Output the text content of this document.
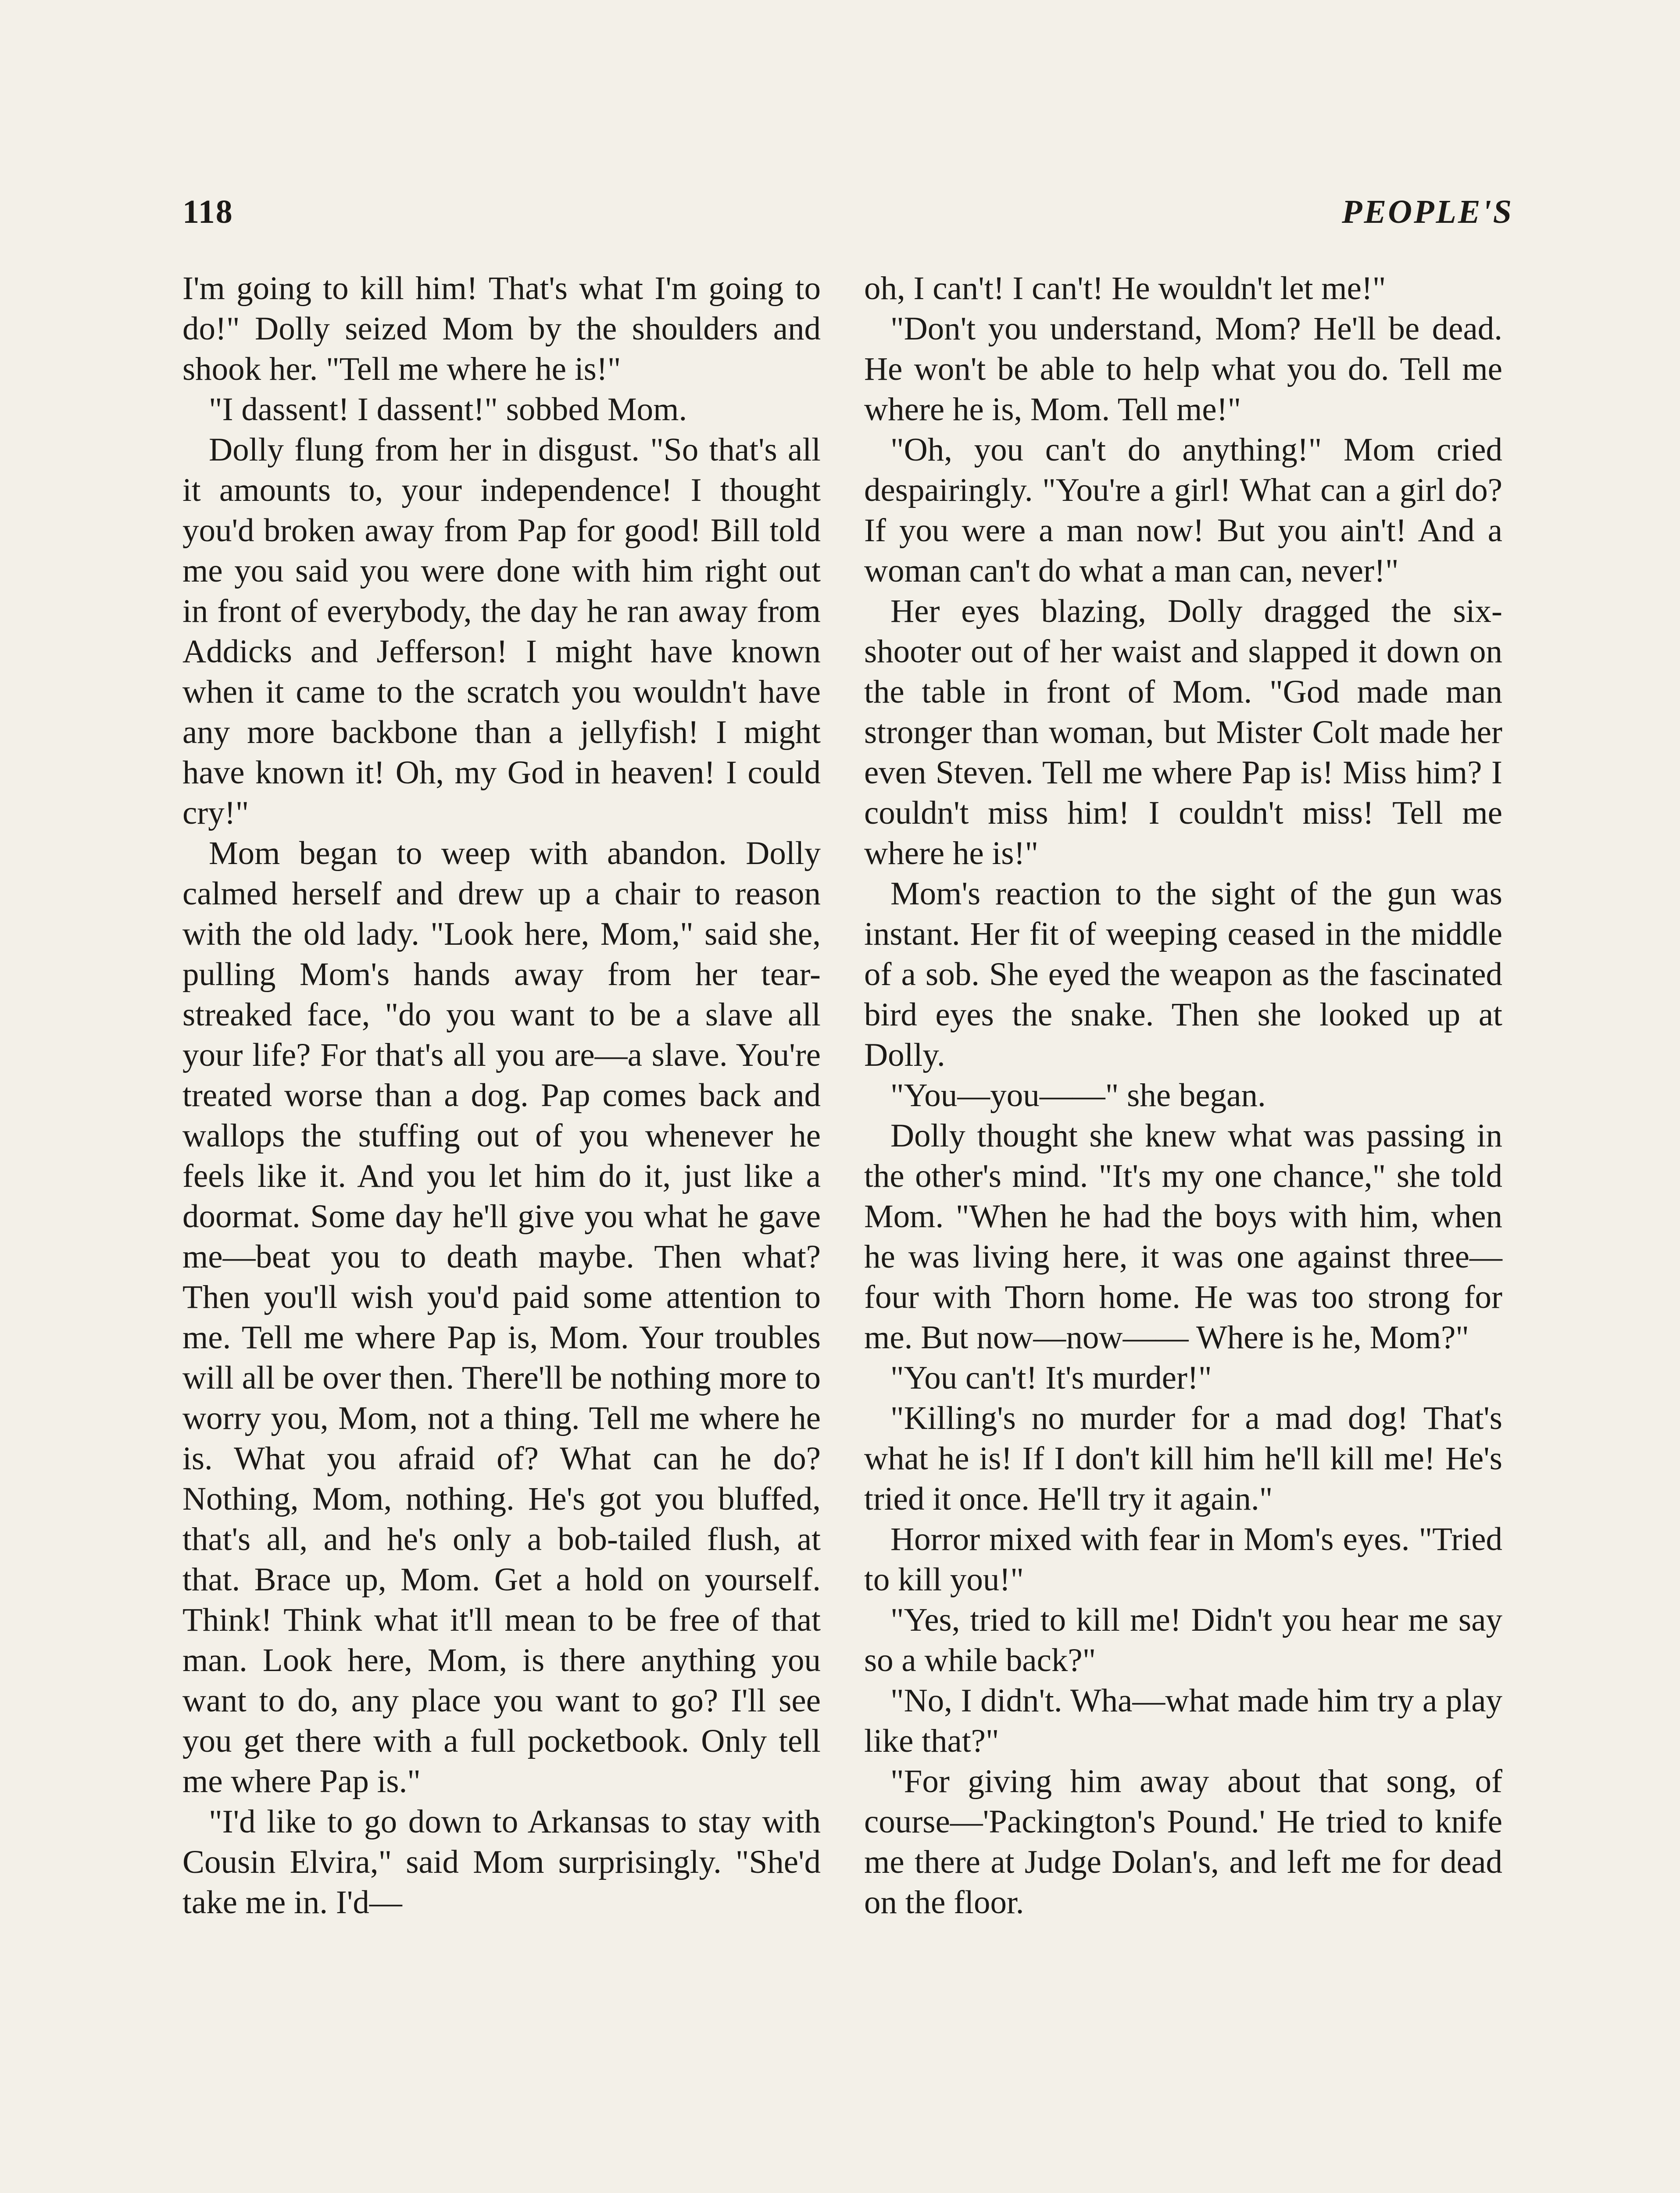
118	PEOPLE'S

I'm going to kill him! That's what I'm going to do!" Dolly seized Mom by the shoulders and shook her. "Tell me where he is!"

"I dassent! I dassent!" sobbed Mom.

Dolly flung from her in disgust. "So that's all it amounts to, your independence! I thought you'd broken away from Pap for good! Bill told me you said you were done with him right out in front of everybody, the day he ran away from Addicks and Jefferson! I might have known when it came to the scratch you wouldn't have any more backbone than a jellyfish! I might have known it! Oh, my God in heaven! I could cry!"

Mom began to weep with abandon. Dolly calmed herself and drew up a chair to reason with the old lady. "Look here, Mom," said she, pulling Mom's hands away from her tear-streaked face, "do you want to be a slave all your life? For that's all you are—a slave. You're treated worse than a dog. Pap comes back and wallops the stuffing out of you whenever he feels like it. And you let him do it, just like a doormat. Some day he'll give you what he gave me—beat you to death maybe. Then what? Then you'll wish you'd paid some attention to me. Tell me where Pap is, Mom. Your troubles will all be over then. There'll be nothing more to worry you, Mom, not a thing. Tell me where he is. What you afraid of? What can he do? Nothing, Mom, nothing. He's got you bluffed, that's all, and he's only a bob-tailed flush, at that. Brace up, Mom. Get a hold on yourself. Think! Think what it'll mean to be free of that man. Look here, Mom, is there anything you want to do, any place you want to go? I'll see you get there with a full pocketbook. Only tell me where Pap is."

"I'd like to go down to Arkansas to stay with Cousin Elvira," said Mom surprisingly. "She'd take me in. I'd—

oh, I can't! I can't! He wouldn't let me!"

"Don't you understand, Mom? He'll be dead. He won't be able to help what you do. Tell me where he is, Mom. Tell me!"

"Oh, you can't do anything!" Mom cried despairingly. "You're a girl! What can a girl do? If you were a man now! But you ain't! And a woman can't do what a man can, never!"

Her eyes blazing, Dolly dragged the six-shooter out of her waist and slapped it down on the table in front of Mom. "God made man stronger than woman, but Mister Colt made her even Steven. Tell me where Pap is! Miss him? I couldn't miss him! I couldn't miss! Tell me where he is!"

Mom's reaction to the sight of the gun was instant. Her fit of weeping ceased in the middle of a sob. She eyed the weapon as the fascinated bird eyes the snake. Then she looked up at Dolly.

"You—you——" she began.

Dolly thought she knew what was passing in the other's mind. "It's my one chance," she told Mom. "When he had the boys with him, when he was living here, it was one against three—four with Thorn home. He was too strong for me. But now—now—— Where is he, Mom?"

"You can't! It's murder!"

"Killing's no murder for a mad dog! That's what he is! If I don't kill him he'll kill me! He's tried it once. He'll try it again."

Horror mixed with fear in Mom's eyes. "Tried to kill you!"

"Yes, tried to kill me! Didn't you hear me say so a while back?"

"No, I didn't. Wha—what made him try a play like that?"

"For giving him away about that song, of course—'Packington's Pound.' He tried to knife me there at Judge Dolan's, and left me for dead on the floor.
